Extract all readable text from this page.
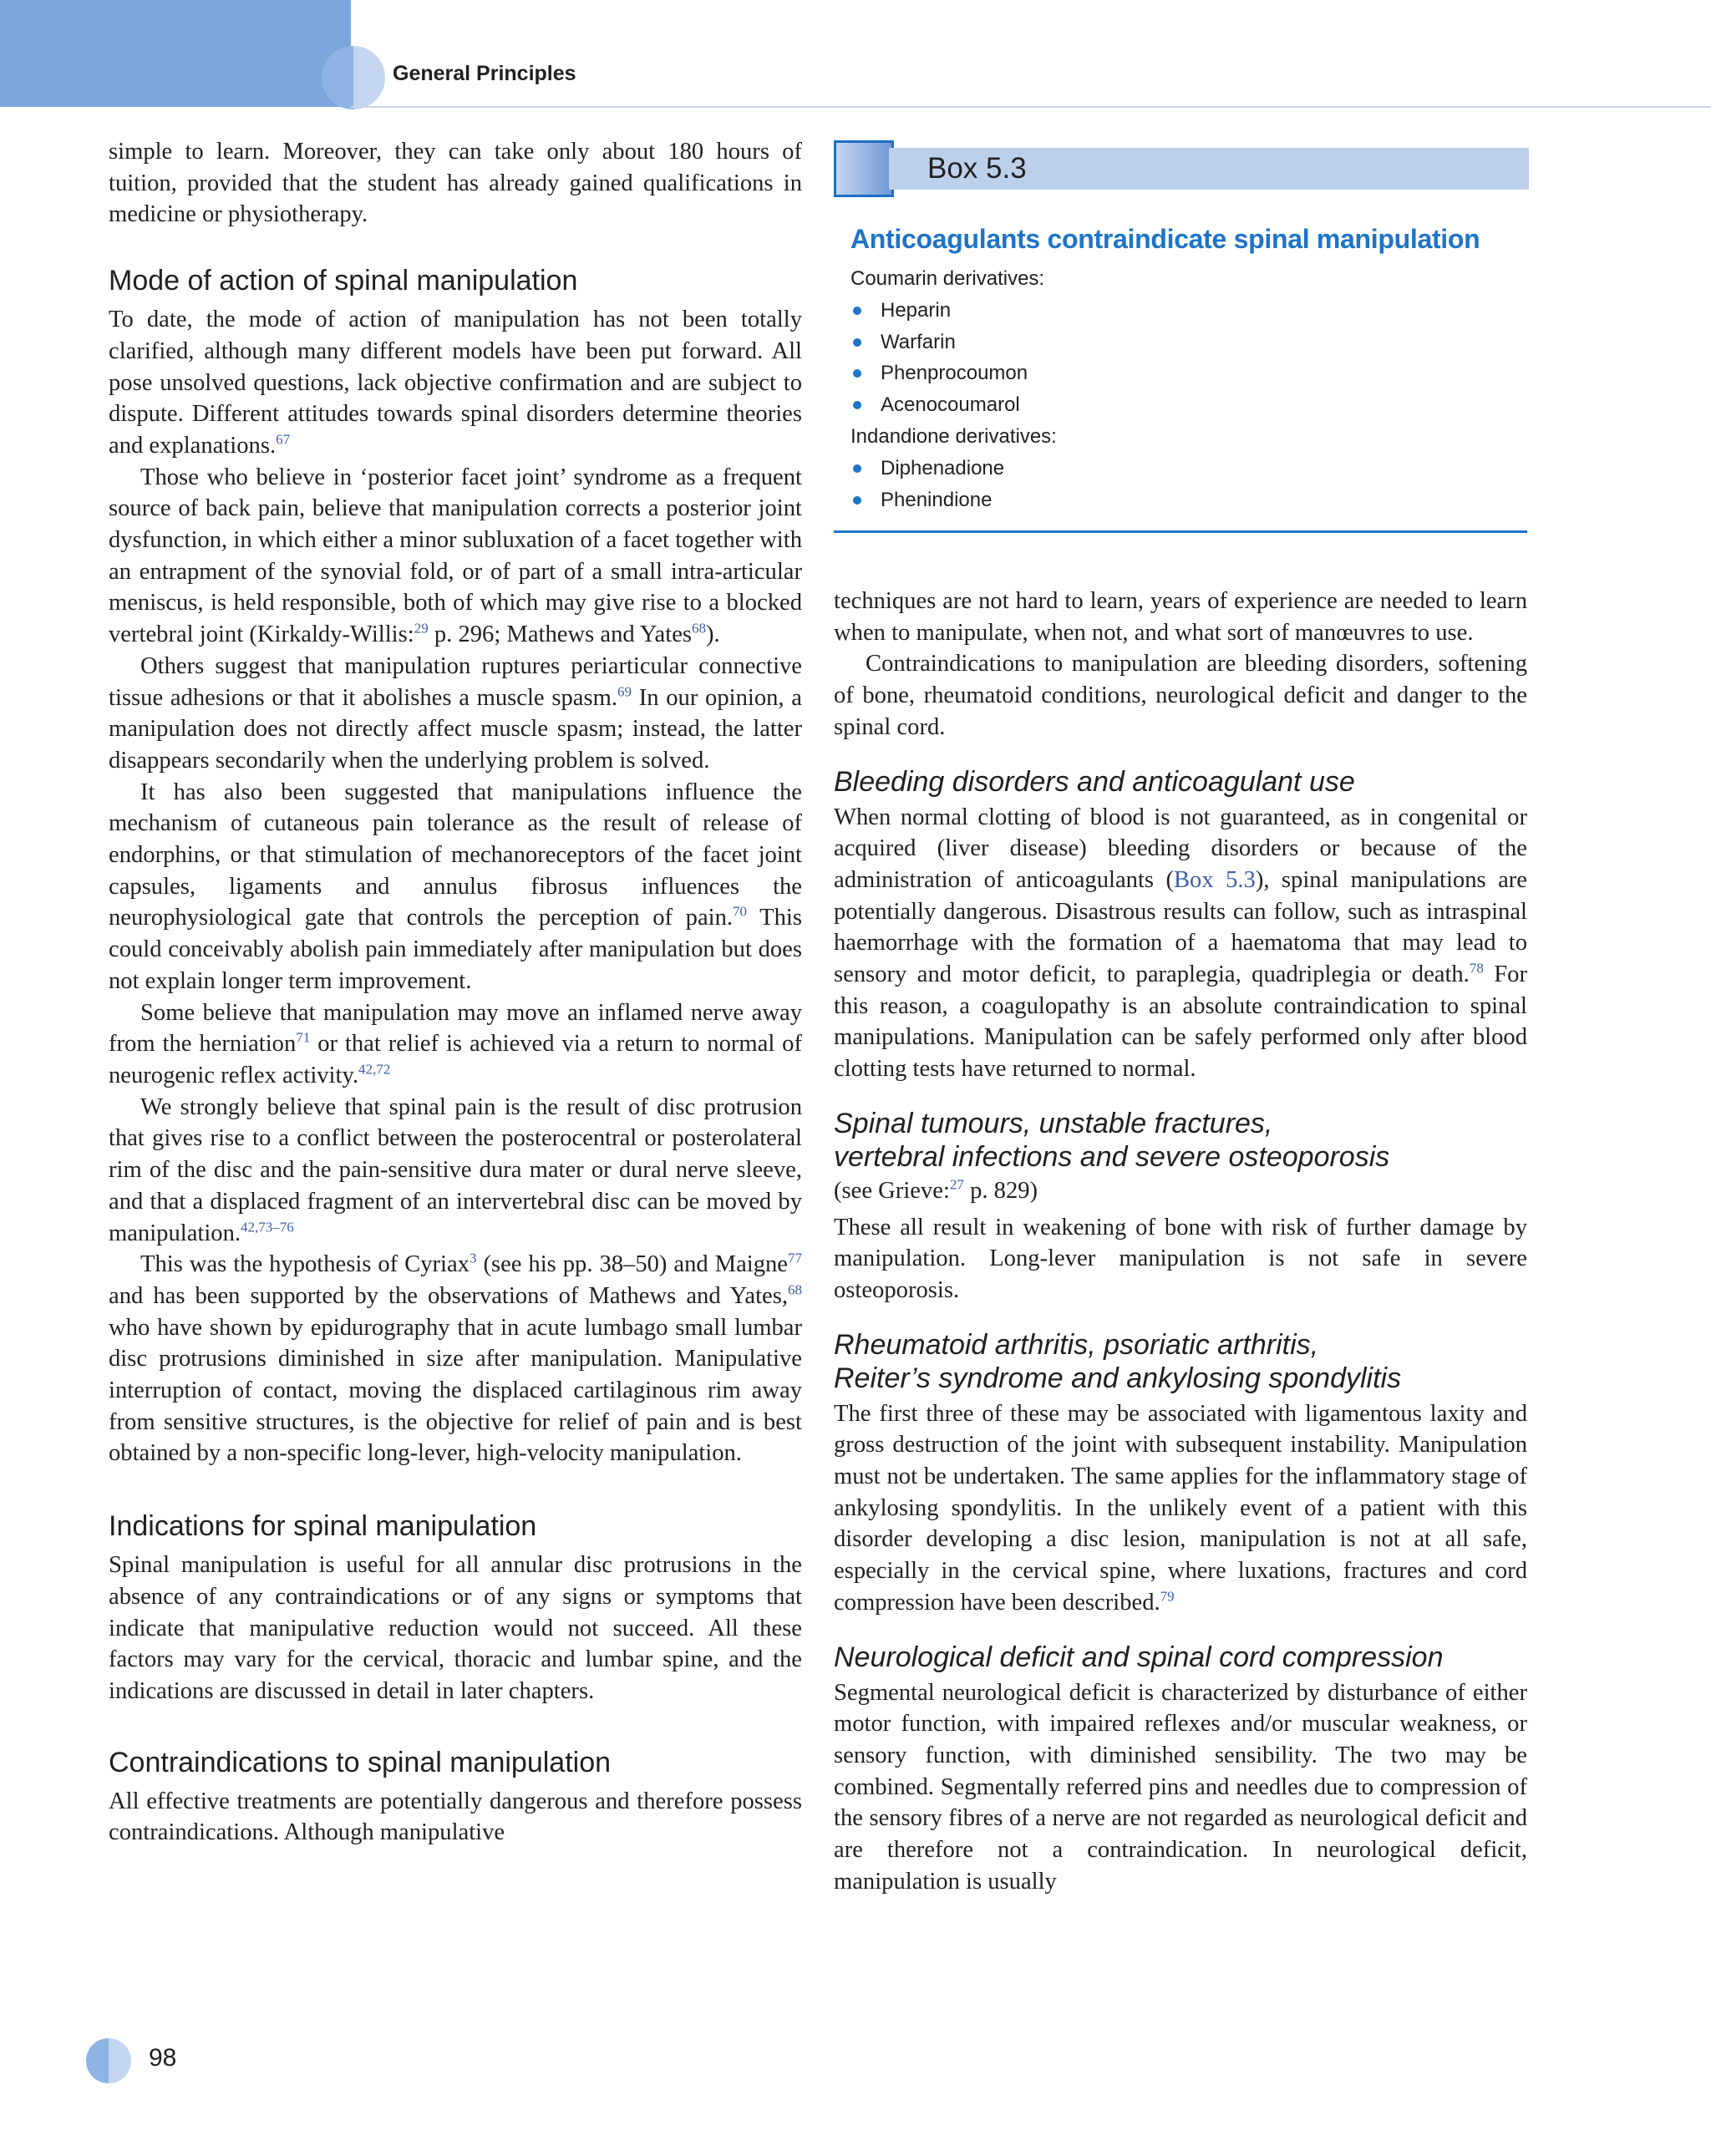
General Principles

simple to learn. Moreover, they can take only about 180 hours of tuition, provided that the student has already gained qualifications in medicine or physiotherapy.

Mode of action of spinal manipulation

To date, the mode of action of manipulation has not been totally clarified, although many different models have been put forward. All pose unsolved questions, lack objective confirmation and are subject to dispute. Different attitudes towards spinal disorders determine theories and explanations.$^{67}$

Those who believe in ‘posterior facet joint’ syndrome as a frequent source of back pain, believe that manipulation corrects a posterior joint dysfunction, in which either a minor subluxation of a facet together with an entrapment of the synovial fold, or of part of a small intra-articular meniscus, is held responsible, both of which may give rise to a blocked vertebral joint (Kirkaldy-Willis:$^{29}$ p. 296; Mathews and Yates$^{68}$).

Others suggest that manipulation ruptures periarticular connective tissue adhesions or that it abolishes a muscle spasm.$^{69}$ In our opinion, a manipulation does not directly affect muscle spasm; instead, the latter disappears secondarily when the underlying problem is solved.

It has also been suggested that manipulations influence the mechanism of cutaneous pain tolerance as the result of release of endorphins, or that stimulation of mechanoreceptors of the facet joint capsules, ligaments and annulus fibrosus influences the neurophysiological gate that controls the perception of pain.$^{70}$ This could conceivably abolish pain immediately after manipulation but does not explain longer term improvement.

Some believe that manipulation may move an inflamed nerve away from the herniation$^{71}$ or that relief is achieved via a return to normal of neurogenic reflex activity.$^{42,72}$

We strongly believe that spinal pain is the result of disc protrusion that gives rise to a conflict between the posterocentral or posterolateral rim of the disc and the pain-sensitive dura mater or dural nerve sleeve, and that a displaced fragment of an intervertebral disc can be moved by manipulation.$^{42,73-76}$

This was the hypothesis of Cyriax$^3$ (see his pp. 38–50) and Maigne$^{77}$ and has been supported by the observations of Mathews and Yates,$^{68}$ who have shown by epidurography that in acute lumbago small lumbar disc protrusions diminished in size after manipulation. Manipulative interruption of contact, moving the displaced cartilaginous rim away from sensitive structures, is the objective for relief of pain and is best obtained by a non-specific long-lever, high-velocity manipulation.

Indications for spinal manipulation

Spinal manipulation is useful for all annular disc protrusions in the absence of any contraindications or of any signs or symptoms that indicate that manipulative reduction would not succeed. All these factors may vary for the cervical, thoracic and lumbar spine, and the indications are discussed in detail in later chapters.

Contraindications to spinal manipulation

All effective treatments are potentially dangerous and therefore possess contraindications. Although manipulative

Box 5.3
Anticoagulants contraindicate spinal manipulation
Coumarin derivatives:
Heparin
Warfarin
Phenprocoumon
Acenocoumarol
Indandione derivatives:
Diphenadione
Phenindione

techniques are not hard to learn, years of experience are needed to learn when to manipulate, when not, and what sort of manœuvres to use.

Contraindications to manipulation are bleeding disorders, softening of bone, rheumatoid conditions, neurological deficit and danger to the spinal cord.

Bleeding disorders and anticoagulant use

When normal clotting of blood is not guaranteed, as in congenital or acquired (liver disease) bleeding disorders or because of the administration of anticoagulants (Box 5.3), spinal manipulations are potentially dangerous. Disastrous results can follow, such as intraspinal haemorrhage with the formation of a haematoma that may lead to sensory and motor deficit, to paraplegia, quadriplegia or death.$^{78}$ For this reason, a coagulopathy is an absolute contraindication to spinal manipulations. Manipulation can be safely performed only after blood clotting tests have returned to normal.

Spinal tumours, unstable fractures,
vertebral infections and severe osteoporosis

(see Grieve:$^{27}$ p. 829)

These all result in weakening of bone with risk of further damage by manipulation. Long-lever manipulation is not safe in severe osteoporosis.

Rheumatoid arthritis, psoriatic arthritis,
Reiter’s syndrome and ankylosing spondylitis

The first three of these may be associated with ligamentous laxity and gross destruction of the joint with subsequent instability. Manipulation must not be undertaken. The same applies for the inflammatory stage of ankylosing spondylitis. In the unlikely event of a patient with this disorder developing a disc lesion, manipulation is not at all safe, especially in the cervical spine, where luxations, fractures and cord compression have been described.$^{79}$

Neurological deficit and spinal cord compression

Segmental neurological deficit is characterized by disturbance of either motor function, with impaired reflexes and/or muscular weakness, or sensory function, with diminished sensibility. The two may be combined. Segmentally referred pins and needles due to compression of the sensory fibres of a nerve are not regarded as neurological deficit and are therefore not a contraindication. In neurological deficit, manipulation is usually

98
